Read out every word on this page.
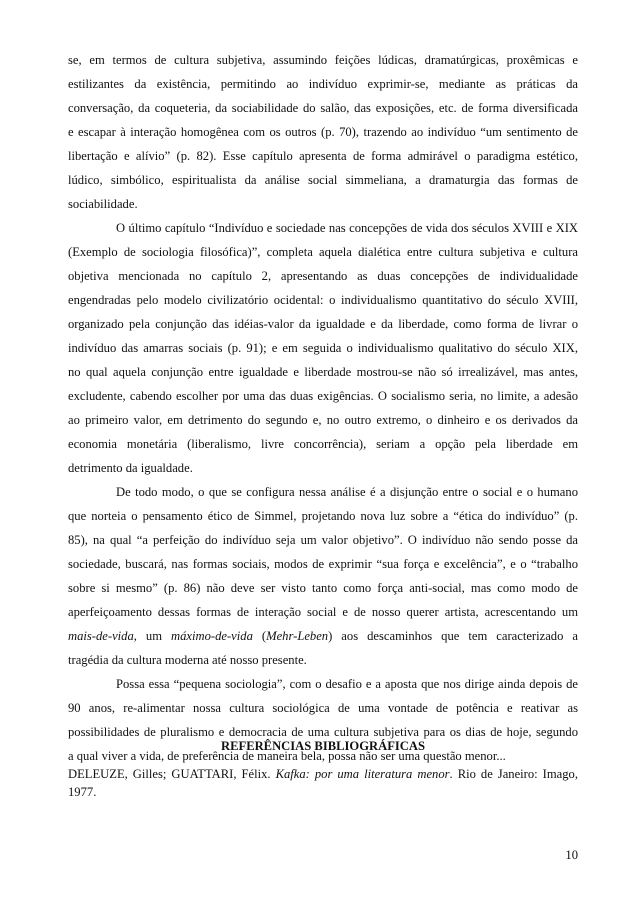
se, em termos de cultura subjetiva, assumindo feições lúdicas, dramatúrgicas, proxêmicas e

estilizantes da existência, permitindo ao indivíduo exprimir-se, mediante as práticas da

conversação, da coqueteria, da sociabilidade do salão, das exposições, etc. de forma diversificada

e escapar à interação homogênea com os outros (p. 70), trazendo ao indivíduo “um sentimento de

libertação e alívio” (p. 82). Esse capítulo apresenta de forma admirável o paradigma estético,

lúdico, simbólico, espiritualista da análise social simmeliana, a dramaturgia das formas de

sociabilidade.

O último capítulo “Indivíduo e sociedade nas concepções de vida dos séculos XVIII e XIX

(Exemplo de sociologia filosófica)”, completa aquela dialética entre cultura subjetiva e cultura

objetiva mencionada no capítulo 2, apresentando as duas concepções de individualidade

engendradas pelo modelo civilizatório ocidental: o individualismo quantitativo do século XVIII,

organizado pela conjunção das idéias-valor da igualdade e da liberdade, como forma de livrar o

indivíduo das amarras sociais (p. 91); e em seguida o individualismo qualitativo do século XIX,

no qual aquela conjunção entre igualdade e liberdade mostrou-se não só irrealizável, mas antes,

excludente, cabendo escolher por uma das duas exigências. O socialismo seria, no limite, a adesão

ao primeiro valor, em detrimento do segundo e, no outro extremo, o dinheiro e os derivados da

economia monetária (liberalismo, livre concorrência), seriam a opção pela liberdade em

detrimento da igualdade.

De todo modo, o que se configura nessa análise é a disjunção entre o social e o humano

que norteia o pensamento ético de Simmel, projetando nova luz sobre a “ética do indivíduo” (p.

85), na qual “a perfeição do indivíduo seja um valor objetivo”. O indivíduo não sendo posse da

sociedade, buscará, nas formas sociais, modos de exprimir “sua força e excelência”, e o “trabalho

sobre si mesmo” (p. 86) não deve ser visto tanto como força anti-social, mas como modo de

aperfeiçoamento dessas formas de interação social e de nosso querer artista, acrescentando um

mais-de-vida, um máximo-de-vida (Mehr-Leben) aos descaminhos que tem caracterizado a

tragédia da cultura moderna até nosso presente.

Possa essa “pequena sociologia”, com o desafio e a aposta que nos dirige ainda depois de

90 anos, re-alimentar nossa cultura sociológica de uma vontade de potência e reativar as

possibilidades de pluralismo e democracia de uma cultura subjetiva para os dias de hoje, segundo

a qual viver a vida, de preferência de maneira bela, possa não ser uma questão menor...

REFERÊNCIAS BIBLIOGRÁFICAS
DELEUZE, Gilles; GUATTARI, Félix. Kafka: por uma literatura menor. Rio de Janeiro: Imago, 1977.
10
